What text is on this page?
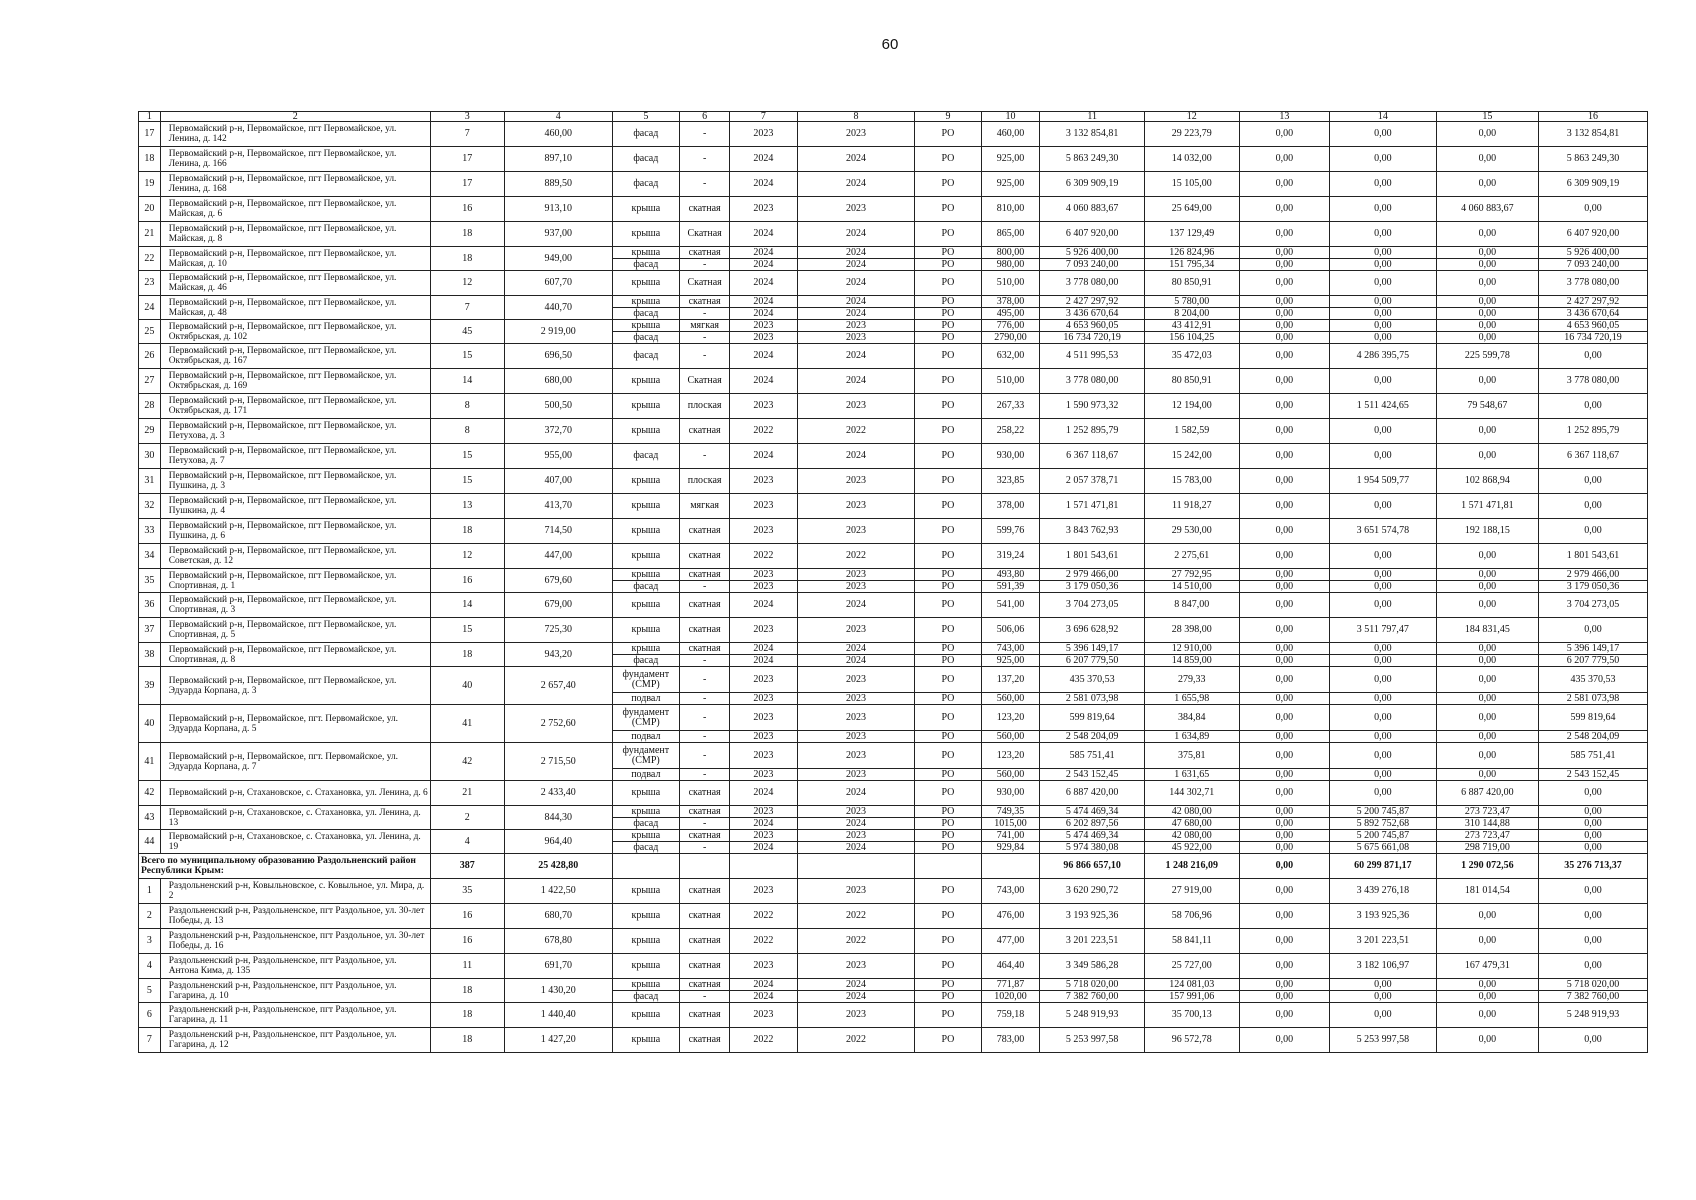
60
1	2	3	4	5	6	7	8	9	10	11	12	13	14	15	16
17	Первомайский р-н, Первомайское, пгт Первомайское, ул. Ленина, д. 142	7	460,00	фасад	-	2023	2023	РО	460,00	3 132 854,81	29 223,79	0,00	0,00	0,00	3 132 854,81
18	Первомайский р-н, Первомайское, пгт Первомайское, ул. Ленина, д. 166	17	897,10	фасад	-	2024	2024	РО	925,00	5 863 249,30	14 032,00	0,00	0,00	0,00	5 863 249,30
19	Первомайский р-н, Первомайское, пгт Первомайское, ул. Ленина, д. 168	17	889,50	фасад	-	2024	2024	РО	925,00	6 309 909,19	15 105,00	0,00	0,00	0,00	6 309 909,19
20	Первомайский р-н, Первомайское, пгт Первомайское, ул. Майская, д. 6	16	913,10	крыша	скатная	2023	2023	РО	810,00	4 060 883,67	25 649,00	0,00	0,00	4 060 883,67	0,00
21	Первомайский р-н, Первомайское, пгт Первомайское, ул. Майская, д. 8	18	937,00	крыша	Скатная	2024	2024	РО	865,00	6 407 920,00	137 129,49	0,00	0,00	0,00	6 407 920,00
22	Первомайский р-н, Первомайское, пгт Первомайское, ул. Майская, д. 10	18	949,00	крыша	скатная	2024	2024	РО	800,00	5 926 400,00	126 824,96	0,00	0,00	0,00	5 926 400,00
				фасад	-	2024	2024	РО	980,00	7 093 240,00	151 795,34	0,00	0,00	0,00	7 093 240,00
23	Первомайский р-н, Первомайское, пгт Первомайское, ул. Майская, д. 46	12	607,70	крыша	Скатная	2024	2024	РО	510,00	3 778 080,00	80 850,91	0,00	0,00	0,00	3 778 080,00
24	Первомайский р-н, Первомайское, пгт Первомайское, ул. Майская, д. 48	7	440,70	крыша	скатная	2024	2024	РО	378,00	2 427 297,92	5 780,00	0,00	0,00	0,00	2 427 297,92
				фасад	-	2024	2024	РО	495,00	3 436 670,64	8 204,00	0,00	0,00	0,00	3 436 670,64
25	Первомайский р-н, Первомайское, пгт Первомайское, ул. Октябрьская, д. 102	45	2 919,00	крыша	мягкая	2023	2023	РО	776,00	4 653 960,05	43 412,91	0,00	0,00	0,00	4 653 960,05
				фасад	-	2023	2023	РО	2790,00	16 734 720,19	156 104,25	0,00	0,00	0,00	16 734 720,19
26	Первомайский р-н, Первомайское, пгт Первомайское, ул. Октябрьская, д. 167	15	696,50	фасад	-	2024	2024	РО	632,00	4 511 995,53	35 472,03	0,00	4 286 395,75	225 599,78	0,00
27	Первомайский р-н, Первомайское, пгт Первомайское, ул. Октябрьская, д. 169	14	680,00	крыша	Скатная	2024	2024	РО	510,00	3 778 080,00	80 850,91	0,00	0,00	0,00	3 778 080,00
28	Первомайский р-н, Первомайское, пгт Первомайское, ул. Октябрьская, д. 171	8	500,50	крыша	плоская	2023	2023	РО	267,33	1 590 973,32	12 194,00	0,00	1 511 424,65	79 548,67	0,00
29	Первомайский р-н, Первомайское, пгт Первомайское, ул. Петухова, д. 3	8	372,70	крыша	скатная	2022	2022	РО	258,22	1 252 895,79	1 582,59	0,00	0,00	0,00	1 252 895,79
30	Первомайский р-н, Первомайское, пгт Первомайское, ул. Петухова, д. 7	15	955,00	фасад	-	2024	2024	РО	930,00	6 367 118,67	15 242,00	0,00	0,00	0,00	6 367 118,67
31	Первомайский р-н, Первомайское, пгт Первомайское, ул. Пушкина, д. 3	15	407,00	крыша	плоская	2023	2023	РО	323,85	2 057 378,71	15 783,00	0,00	1 954 509,77	102 868,94	0,00
32	Первомайский р-н, Первомайское, пгт Первомайское, ул. Пушкина, д. 4	13	413,70	крыша	мягкая	2023	2023	РО	378,00	1 571 471,81	11 918,27	0,00	0,00	1 571 471,81	0,00
33	Первомайский р-н, Первомайское, пгт Первомайское, ул. Пушкина, д. 6	18	714,50	крыша	скатная	2023	2023	РО	599,76	3 843 762,93	29 530,00	0,00	3 651 574,78	192 188,15	0,00
34	Первомайский р-н, Первомайское, пгт Первомайское, ул. Советская, д. 12	12	447,00	крыша	скатная	2022	2022	РО	319,24	1 801 543,61	2 275,61	0,00	0,00	0,00	1 801 543,61
35	Первомайский р-н, Первомайское, пгт Первомайское, ул. Спортивная, д. 1	16	679,60	крыша	скатная	2023	2023	РО	493,80	2 979 466,00	27 792,95	0,00	0,00	0,00	2 979 466,00
				фасад	-	2023	2023	РО	591,39	3 179 050,36	14 510,00	0,00	0,00	0,00	3 179 050,36
36	Первомайский р-н, Первомайское, пгт Первомайское, ул. Спортивная, д. 3	14	679,00	крыша	скатная	2024	2024	РО	541,00	3 704 273,05	8 847,00	0,00	0,00	0,00	3 704 273,05
37	Первомайский р-н, Первомайское, пгт Первомайское, ул. Спортивная, д. 5	15	725,30	крыша	скатная	2023	2023	РО	506,06	3 696 628,92	28 398,00	0,00	3 511 797,47	184 831,45	0,00
38	Первомайский р-н, Первомайское, пгт Первомайское, ул. Спортивная, д. 8	18	943,20	крыша	скатная	2024	2024	РО	743,00	5 396 149,17	12 910,00	0,00	0,00	0,00	5 396 149,17
				фасад	-	2024	2024	РО	925,00	6 207 779,50	14 859,00	0,00	0,00	0,00	6 207 779,50
39	Первомайский р-н, Первомайское, пгт Первомайское, ул. Эдуарда Корпана, д. 3	40	2 657,40	фундамент (СМР)	-	2023	2023	РО	137,20	435 370,53	279,33	0,00	0,00	0,00	435 370,53
				подвал	-	2023	2023	РО	560,00	2 581 073,98	1 655,98	0,00	0,00	0,00	2 581 073,98
40	Первомайский р-н, Первомайское, пгт. Первомайское, ул. Эдуарда Корпана, д. 5	41	2 752,60	фундамент (СМР)	-	2023	2023	РО	123,20	599 819,64	384,84	0,00	0,00	0,00	599 819,64
				подвал	-	2023	2023	РО	560,00	2 548 204,09	1 634,89	0,00	0,00	0,00	2 548 204,09
41	Первомайский р-н, Первомайское, пгт. Первомайское, ул. Эдуарда Корпана, д. 7	42	2 715,50	фундамент (СМР)	-	2023	2023	РО	123,20	585 751,41	375,81	0,00	0,00	0,00	585 751,41
				подвал	-	2023	2023	РО	560,00	2 543 152,45	1 631,65	0,00	0,00	0,00	2 543 152,45
42	Первомайский р-н, Стахановское, с. Стахановка, ул. Ленина, д. 6	21	2 433,40	крыша	скатная	2024	2024	РО	930,00	6 887 420,00	144 302,71	0,00	0,00	6 887 420,00	0,00
43	Первомайский р-н, Стахановское, с. Стахановка, ул. Ленина, д. 13	2	844,30	крыша	скатная	2023	2023	РО	749,35	5 474 469,34	42 080,00	0,00	5 200 745,87	273 723,47	0,00
				фасад	-	2024	2024	РО	1015,00	6 202 897,56	47 680,00	0,00	5 892 752,68	310 144,88	0,00
44	Первомайский р-н, Стахановское, с. Стахановка, ул. Ленина, д. 19	4	964,40	крыша	скатная	2023	2023	РО	741,00	5 474 469,34	42 080,00	0,00	5 200 745,87	273 723,47	0,00
				фасад	-	2024	2024	РО	929,84	5 974 380,08	45 922,00	0,00	5 675 661,08	298 719,00	0,00
Всего по муниципальному образованию Раздольненский район Республики Крым:		387	25 428,80							96 866 657,10	1 248 216,09	0,00	60 299 871,17	1 290 072,56	35 276 713,37
1	Раздольненский р-н, Ковыльновское, с. Ковыльное, ул. Мира, д. 2	35	1 422,50	крыша	скатная	2023	2023	РО	743,00	3 620 290,72	27 919,00	0,00	3 439 276,18	181 014,54	0,00
2	Раздольненский р-н, Раздольненское, пгт Раздольное, ул. 30-лет Победы, д. 13	16	680,70	крыша	скатная	2022	2022	РО	476,00	3 193 925,36	58 706,96	0,00	3 193 925,36	0,00	0,00
3	Раздольненский р-н, Раздольненское, пгт Раздольное, ул. 30-лет Победы, д. 16	16	678,80	крыша	скатная	2022	2022	РО	477,00	3 201 223,51	58 841,11	0,00	3 201 223,51	0,00	0,00
4	Раздольненский р-н, Раздольненское, пгт Раздольное, ул. Антона Кима, д. 135	11	691,70	крыша	скатная	2023	2023	РО	464,40	3 349 586,28	25 727,00	0,00	3 182 106,97	167 479,31	0,00
5	Раздольненский р-н, Раздольненское, пгт Раздольное, ул. Гагарина, д. 10	18	1 430,20	крыша	скатная	2024	2024	РО	771,87	5 718 020,00	124 081,03	0,00	0,00	0,00	5 718 020,00
				фасад	-	2024	2024	РО	1020,00	7 382 760,00	157 991,06	0,00	0,00	0,00	7 382 760,00
6	Раздольненский р-н, Раздольненское, пгт Раздольное, ул. Гагарина, д. 11	18	1 440,40	крыша	скатная	2023	2023	РО	759,18	5 248 919,93	35 700,13	0,00	0,00	0,00	5 248 919,93
7	Раздольненский р-н, Раздольненское, пгт Раздольное, ул. Гагарина, д. 12	18	1 427,20	крыша	скатная	2022	2022	РО	783,00	5 253 997,58	96 572,78	0,00	5 253 997,58	0,00	0,00
